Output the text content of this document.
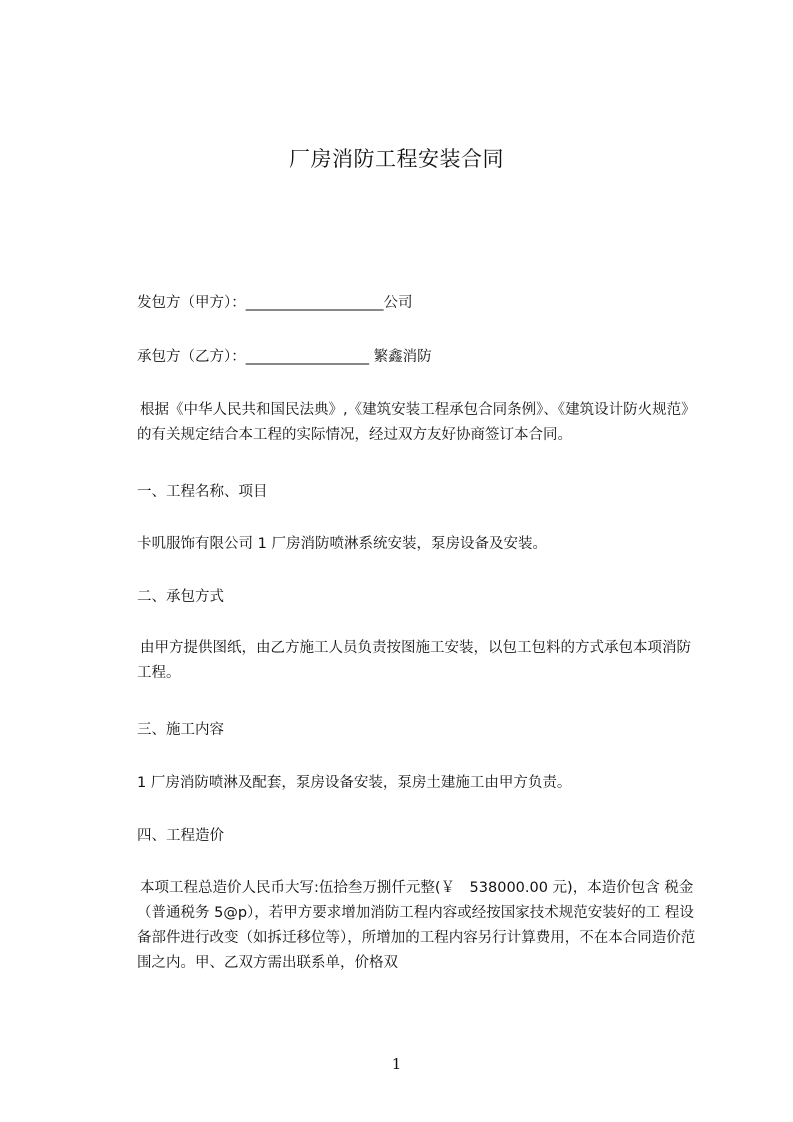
厂房消防工程安装合同
发包方（甲方）：___________________公司
承包方（乙方）：_________________ 繁鑫消防
根据《中华人民共和国民法典》,《建筑安装工程承包合同条例》、《建筑设计防火规范》的有关规定结合本工程的实际情况，经过双方友好协商签订本合同。
一、工程名称、项目
卡叽服饰有限公司 1 厂房消防喷淋系统安装，泵房设备及安装。
二、承包方式
由甲方提供图纸，由乙方施工人员负责按图施工安装，以包工包料的方式承包本项消防工程。
三、施工内容
1 厂房消防喷淋及配套，泵房设备安装，泵房土建施工由甲方负责。
四、工程造价
本项工程总造价人民币大写:伍拾叁万捌仟元整(￥　538000.00 元)，本造价包含 税金（普通税务 5@p），若甲方要求增加消防工程内容或经按国家技术规范安装好的工 程设备部件进行改变（如拆迁移位等），所增加的工程内容另行计算费用，不在本合同造价范围之内。甲、乙双方需出联系单，价格双
1
